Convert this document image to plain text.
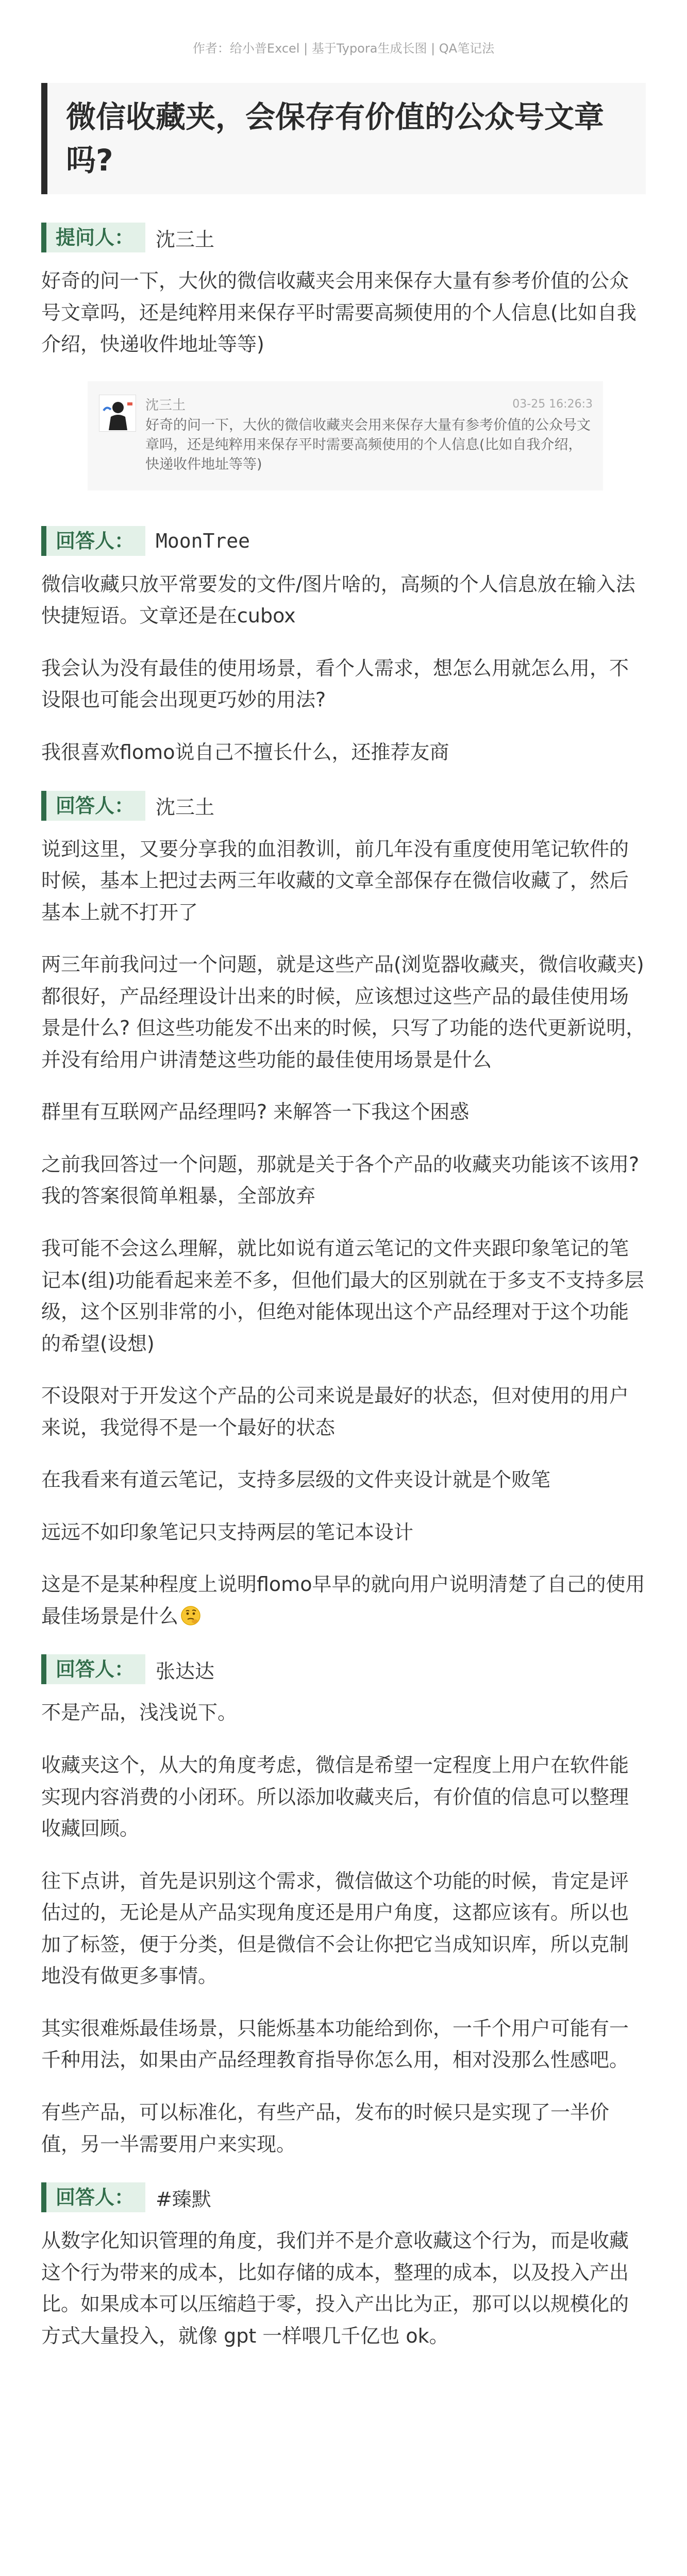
作者：给小普Excel | 基于Typora生成长图 | QA笔记法
微信收藏夹，会保存有价值的公众号文章吗?
提问人：	沈三土

好奇的问一下，大伙的微信收藏夹会用来保存大量有参考价值的公众号文章吗，还是纯粹用来保存平时需要高频使用的个人信息(比如自我介绍，快递收件地址等等)

沈三土	03-25 16:26:3
好奇的问一下，大伙的微信收藏夹会用来保存大量有参考价值的公众号文章吗，还是纯粹用来保存平时需要高频使用的个人信息(比如自我介绍，快递收件地址等等)
回答人：	MoonTree

微信收藏只放平常要发的文件/图片啥的，高频的个人信息放在输入法快捷短语。文章还是在cubox

我会认为没有最佳的使用场景，看个人需求，想怎么用就怎么用，不设限也可能会出现更巧妙的用法?

我很喜欢flomo说自己不擅长什么，还推荐友商

回答人：	沈三土

说到这里，又要分享我的血泪教训，前几年没有重度使用笔记软件的时候，基本上把过去两三年收藏的文章全部保存在微信收藏了，然后基本上就不打开了

两三年前我问过一个问题，就是这些产品(浏览器收藏夹，微信收藏夹)都很好，产品经理设计出来的时候，应该想过这些产品的最佳使用场景是什么? 但这些功能发不出来的时候，只写了功能的迭代更新说明，并没有给用户讲清楚这些功能的最佳使用场景是什么

群里有互联网产品经理吗? 来解答一下我这个困惑

之前我回答过一个问题，那就是关于各个产品的收藏夹功能该不该用? 我的答案很简单粗暴，全部放弃

我可能不会这么理解，就比如说有道云笔记的文件夹跟印象笔记的笔记本(组)功能看起来差不多，但他们最大的区别就在于多支不支持多层级，这个区别非常的小，但绝对能体现出这个产品经理对于这个功能的希望(设想)

不设限对于开发这个产品的公司来说是最好的状态，但对使用的用户来说，我觉得不是一个最好的状态

在我看来有道云笔记，支持多层级的文件夹设计就是个败笔

远远不如印象笔记只支持两层的笔记本设计

这是不是某种程度上说明flomo早早的就向用户说明清楚了自己的使用最佳场景是什么

回答人：	张达达

不是产品，浅浅说下。

收藏夹这个，从大的角度考虑，微信是希望一定程度上用户在软件能实现内容消费的小闭环。所以添加收藏夹后，有价值的信息可以整理收藏回顾。

往下点讲，首先是识别这个需求，微信做这个功能的时候，肯定是评估过的，无论是从产品实现角度还是用户角度，这都应该有。所以也加了标签，便于分类，但是微信不会让你把它当成知识库，所以克制地没有做更多事情。

其实很难烁最佳场景，只能烁基本功能给到你，一千个用户可能有一千种用法，如果由产品经理教育指导你怎么用，相对没那么性感吧。

有些产品，可以标准化，有些产品，发布的时候只是实现了一半价值，另一半需要用户来实现。

回答人：	#臻默

从数字化知识管理的角度，我们并不是介意收藏这个行为，而是收藏这个行为带来的成本，比如存储的成本，整理的成本，以及投入产出比。如果成本可以压缩趋于零，投入产出比为正，那可以以规模化的方式大量投入，就像 gpt 一样喂几千亿也 ok。
